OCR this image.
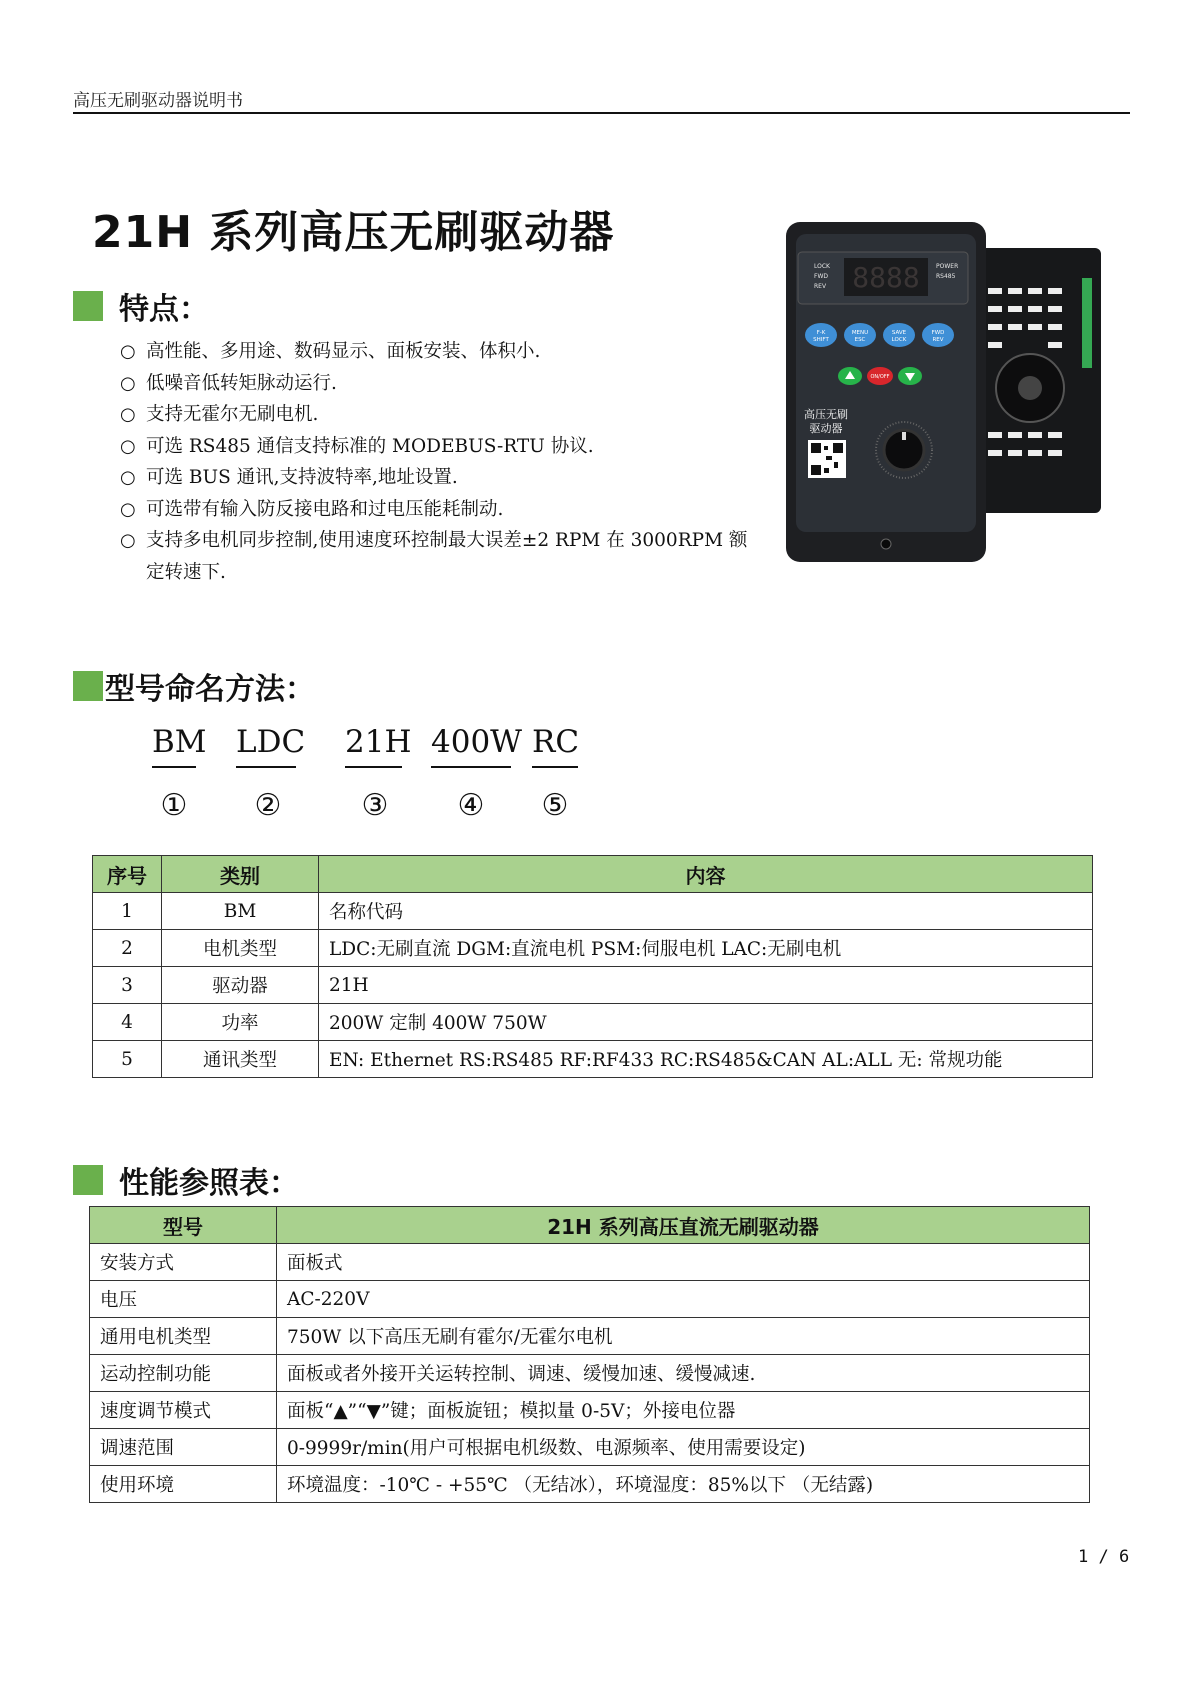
高压无刷驱动器说明书
21H 系列高压无刷驱动器
特点：
○ 高性能、多用途、数码显示、面板安装、体积小.
○ 低噪音低转矩脉动运行.
○ 支持无霍尔无刷电机.
○ 可选 RS485 通信支持标准的 MODEBUS-RTU 协议.
○ 可选 BUS 通讯,支持波特率,地址设置.
○ 可选带有输入防反接电路和过电压能耗制动.
○ 支持多电机同步控制,使用速度环控制最大误差±2 RPM 在 3000RPM 额定转速下.
LOCK
FWD
REV
POWER
RS485
8888
F-K
SHIFT
MENU
ESC
SAVE
LOCK
FWD
REV
ON/OFF
高压无刷
驱动器
型号命名方法：
BM LDC 21H 400W RC
① ②	③ ④ ⑤
序号	类别	内容
1	BM	名称代码
2	电机类型	LDC:无刷直流 DGM:直流电机 PSM:伺服电机 LAC:无刷电机
3	驱动器	21H
4	功率	200W 定制 400W 750W
5	通讯类型	EN: Ethernet RS:RS485 RF:RF433 RC:RS485&CAN AL:ALL 无: 常规功能
性能参照表：
型号	21H 系列高压直流无刷驱动器
安装方式	面板式
电压	AC-220V
通用电机类型	750W 以下高压无刷有霍尔/无霍尔电机
运动控制功能	面板或者外接开关运转控制、调速、缓慢加速、缓慢减速.
速度调节模式	面板“▲”“▼”键；面板旋钮；模拟量 0-5V；外接电位器
调速范围	0-9999r/min(用户可根据电机级数、电源频率、使用需要设定)
使用环境	环境温度：-10℃ - +55℃ （无结冰），环境湿度：85%以下 （无结露)
1 / 6
